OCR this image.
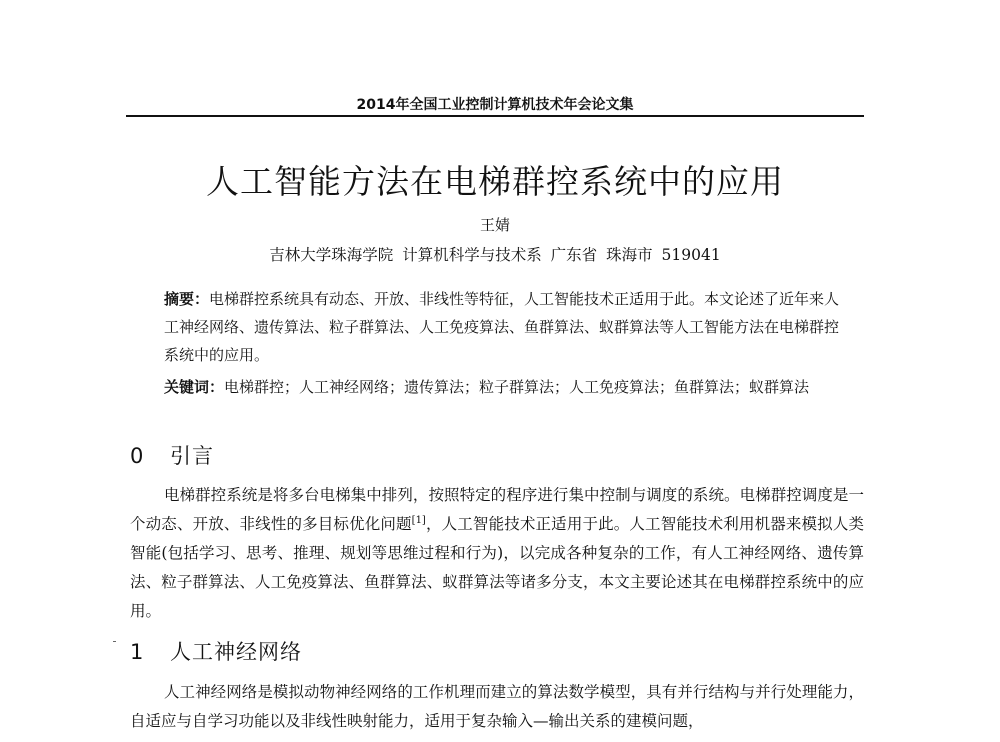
2014年全国工业控制计算机技术年会论文集
人工智能方法在电梯群控系统中的应用
王婧
吉林大学珠海学院 计算机科学与技术系 广东省 珠海市 519041

摘要：电梯群控系统具有动态、开放、非线性等特征，人工智能技术正适用于此。本文论述了近年来人工神经网络、遗传算法、粒子群算法、人工免疫算法、鱼群算法、蚁群算法等人工智能方法在电梯群控系统中的应用。

关键词：电梯群控；人工神经网络；遗传算法；粒子群算法；人工免疫算法；鱼群算法；蚁群算法

0 引言

电梯群控系统是将多台电梯集中排列，按照特定的程序进行集中控制与调度的系统。电梯群控调度是一个动态、开放、非线性的多目标优化问题[1]，人工智能技术正适用于此。人工智能技术利用机器来模拟人类智能(包括学习、思考、推理、规划等思维过程和行为)，以完成各种复杂的工作，有人工神经网络、遗传算法、粒子群算法、人工免疫算法、鱼群算法、蚁群算法等诸多分支，本文主要论述其在电梯群控系统中的应用。

1 人工神经网络

人工神经网络是模拟动物神经网络的工作机理而建立的算法数学模型，具有并行结构与并行处理能力，自适应与自学习功能以及非线性映射能力，适用于复杂输入—输出关系的建模问题，
